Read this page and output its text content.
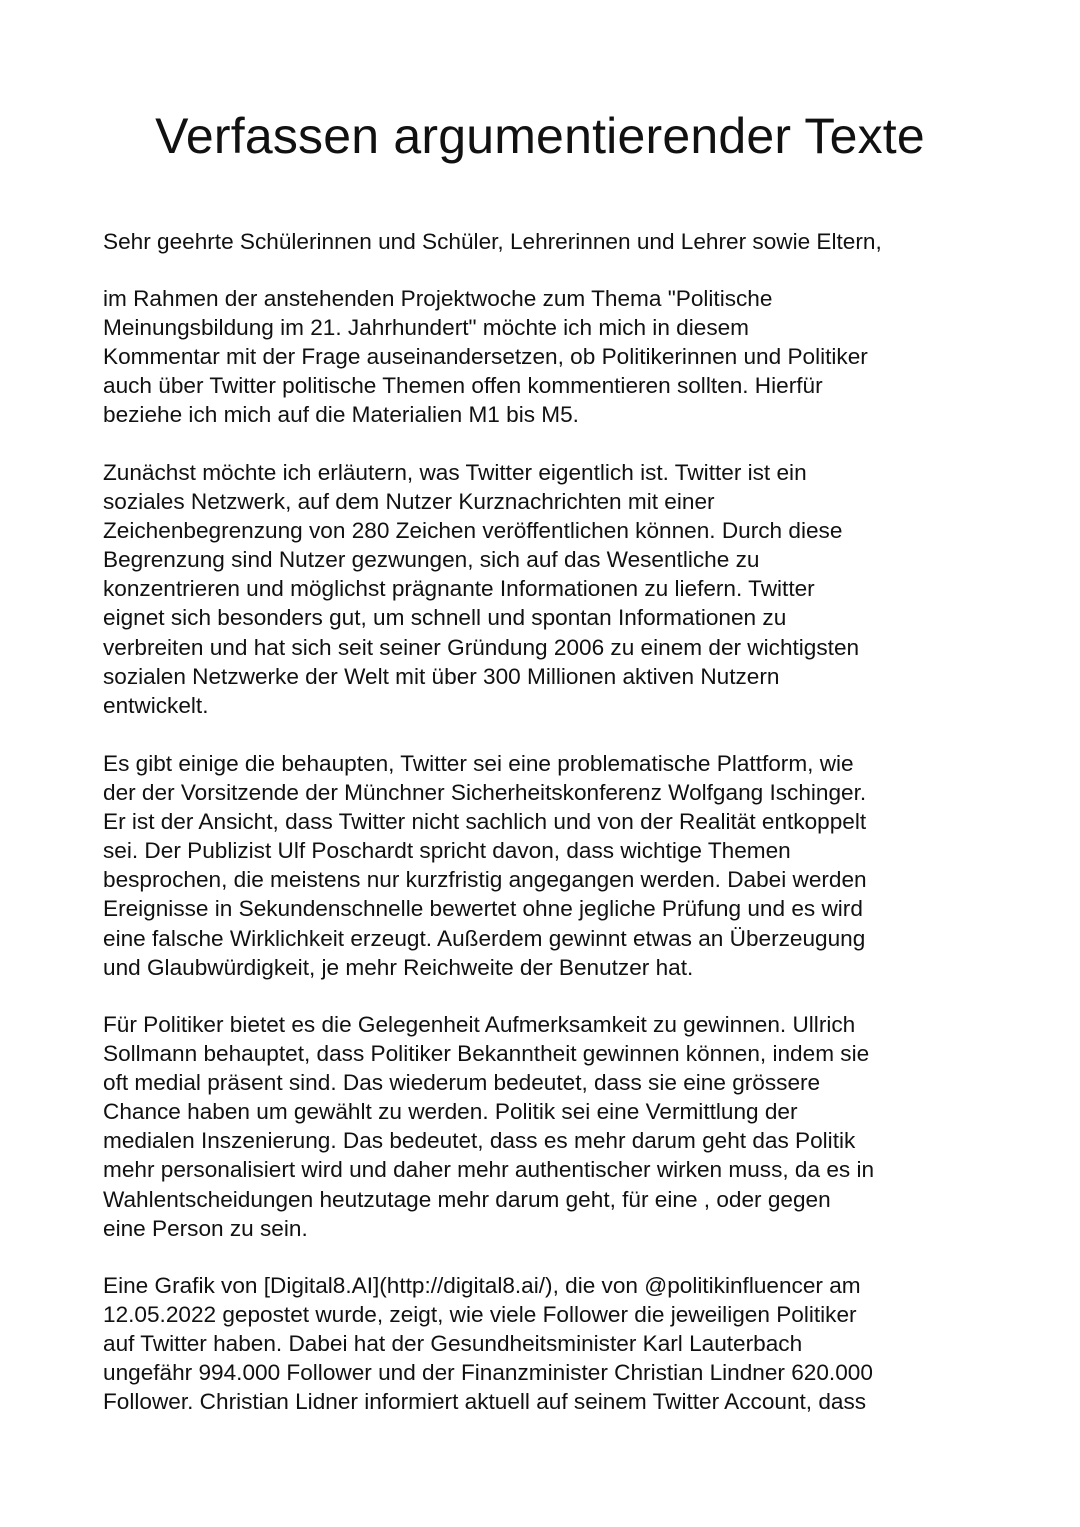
Verfassen argumentierender Texte

Sehr geehrte Schülerinnen und Schüler, Lehrerinnen und Lehrer sowie Eltern,

im Rahmen der anstehenden Projektwoche zum Thema "Politische
Meinungsbildung im 21. Jahrhundert" möchte ich mich in diesem
Kommentar mit der Frage auseinandersetzen, ob Politikerinnen und Politiker
auch über Twitter politische Themen offen kommentieren sollten. Hierfür
beziehe ich mich auf die Materialien M1 bis M5.

Zunächst möchte ich erläutern, was Twitter eigentlich ist. Twitter ist ein
soziales Netzwerk, auf dem Nutzer Kurznachrichten mit einer
Zeichenbegrenzung von 280 Zeichen veröffentlichen können. Durch diese
Begrenzung sind Nutzer gezwungen, sich auf das Wesentliche zu
konzentrieren und möglichst prägnante Informationen zu liefern. Twitter
eignet sich besonders gut, um schnell und spontan Informationen zu
verbreiten und hat sich seit seiner Gründung 2006 zu einem der wichtigsten
sozialen Netzwerke der Welt mit über 300 Millionen aktiven Nutzern
entwickelt.

Es gibt einige die behaupten, Twitter sei eine problematische Plattform, wie
der der Vorsitzende der Münchner Sicherheitskonferenz Wolfgang Ischinger.
Er ist der Ansicht, dass Twitter nicht sachlich und von der Realität entkoppelt
sei. Der Publizist Ulf Poschardt spricht davon, dass wichtige Themen
besprochen, die meistens nur kurzfristig angegangen werden. Dabei werden
Ereignisse in Sekundenschnelle bewertet ohne jegliche Prüfung und es wird
eine falsche Wirklichkeit erzeugt. Außerdem gewinnt etwas an Überzeugung
und Glaubwürdigkeit, je mehr Reichweite der Benutzer hat.

Für Politiker bietet es die Gelegenheit Aufmerksamkeit zu gewinnen. Ullrich
Sollmann behauptet, dass Politiker Bekanntheit gewinnen können, indem sie
oft medial präsent sind. Das wiederum bedeutet, dass sie eine grössere
Chance haben um gewählt zu werden. Politik sei eine Vermittlung der
medialen Inszenierung. Das bedeutet, dass es mehr darum geht das Politik
mehr personalisiert wird und daher mehr authentischer wirken muss, da es in
Wahlentscheidungen heutzutage mehr darum geht, für eine , oder gegen
eine Person zu sein.

Eine Grafik von [Digital8.AI](http://digital8.ai/), die von @politikinfluencer am
12.05.2022 gepostet wurde, zeigt, wie viele Follower die jeweiligen Politiker
auf Twitter haben. Dabei hat der Gesundheitsminister Karl Lauterbach
ungefähr 994.000 Follower und der Finanzminister Christian Lindner 620.000
Follower. Christian Lidner informiert aktuell auf seinem Twitter Account, dass
